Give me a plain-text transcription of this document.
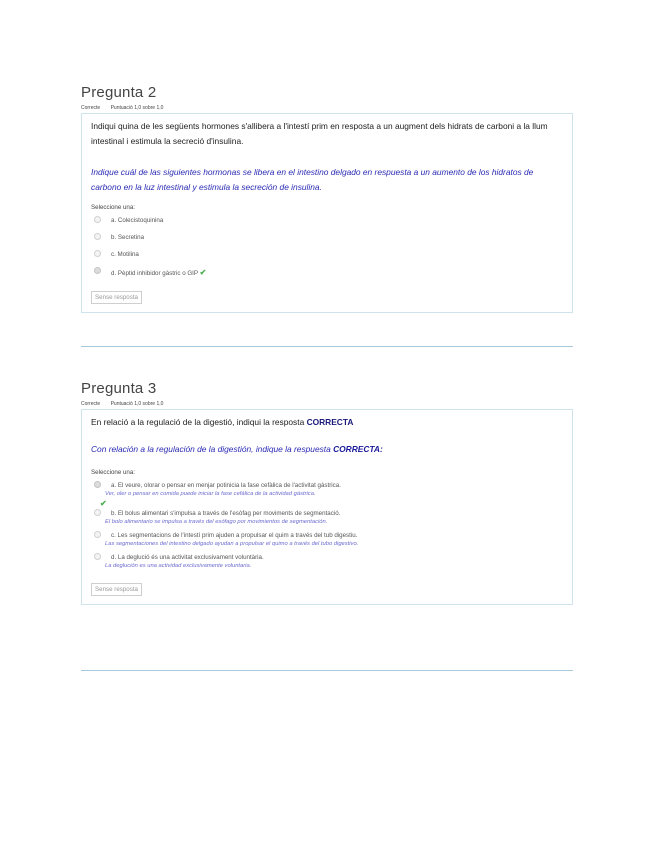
Pregunta 2
Correcte Puntuació 1,0 sobre 1,0

Indiqui quina de les següents hormones s'allibera a l'intestí prim en resposta a un augment dels hidrats de carboni a la llum intestinal i estimula la secreció d'insulina.

Indique cuál de las siguientes hormonas se libera en el intestino delgado en respuesta a un aumento de los hidratos de carbono en la luz intestinal y estimula la secreción de insulina.

Seleccione una:
a. Colecistoquinina
b. Secretina
c. Motilina
d. Pèptid inhibidor gàstric o GIP ✔
Sense resposta
Pregunta 3
Correcte Puntuació 1,0 sobre 1,0

En relació a la regulació de la digestió, indiqui la resposta CORRECTA

Con relación a la regulación de la digestión, indique la respuesta CORRECTA:

Seleccione una:
a. El veure, olorar o pensar en menjar potinicia la fase cefàlica de l'activitat gàstrica.
Ver, oler o pensar en comida puede iniciar la fase cefálica de la actividad gástrica.
✔
b. El bolus alimentari s'impulsa a través de l'esòfag per moviments de segmentació.
El bolo alimentario se impulsa a través del esófago por movimientos de segmentación.
c. Les segmentacions de l'intestí prim ajuden a propulsar el quim a través del tub digestiu.
Las segmentaciones del intestino delgado ayudan a propulsar el quimo a través del tubo digestivo.
d. La deglució és una activitat exclusivament voluntària.
La deglución es una actividad exclusivamente voluntaria.
Sense resposta
